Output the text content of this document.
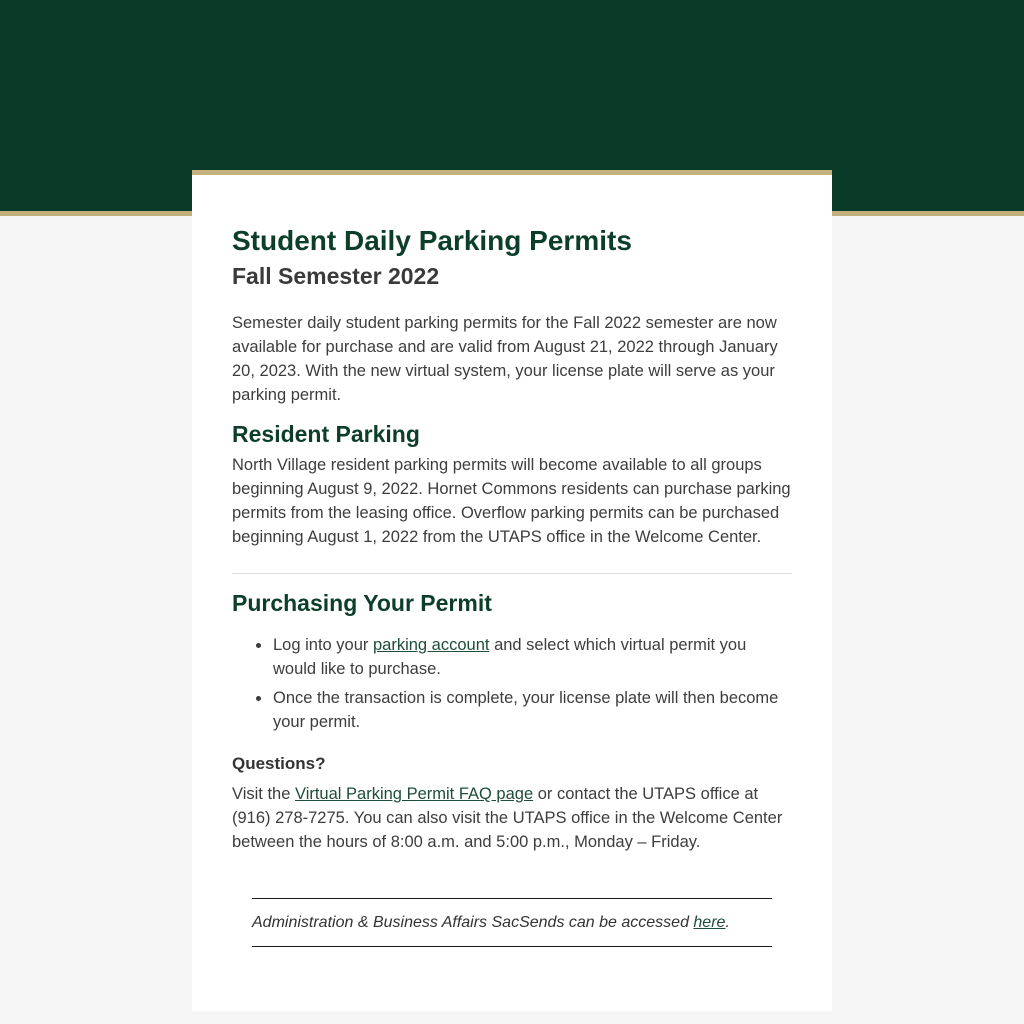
Student Daily Parking Permits
Fall Semester 2022

Semester daily student parking permits for the Fall 2022 semester are now available for purchase and are valid from August 21, 2022 through January 20, 2023. With the new virtual system, your license plate will serve as your parking permit.

Resident Parking

North Village resident parking permits will become available to all groups beginning August 9, 2022. Hornet Commons residents can purchase parking permits from the leasing office. Overflow parking permits can be purchased beginning August 1, 2022 from the UTAPS office in the Welcome Center.

Purchasing Your Permit
• Log into your parking account and select which virtual permit you would like to purchase.
• Once the transaction is complete, your license plate will then become your permit.

Questions?

Visit the Virtual Parking Permit FAQ page or contact the UTAPS office at (916) 278-7275. You can also visit the UTAPS office in the Welcome Center between the hours of 8:00 a.m. and 5:00 p.m., Monday – Friday.

Administration & Business Affairs SacSends can be accessed here.
